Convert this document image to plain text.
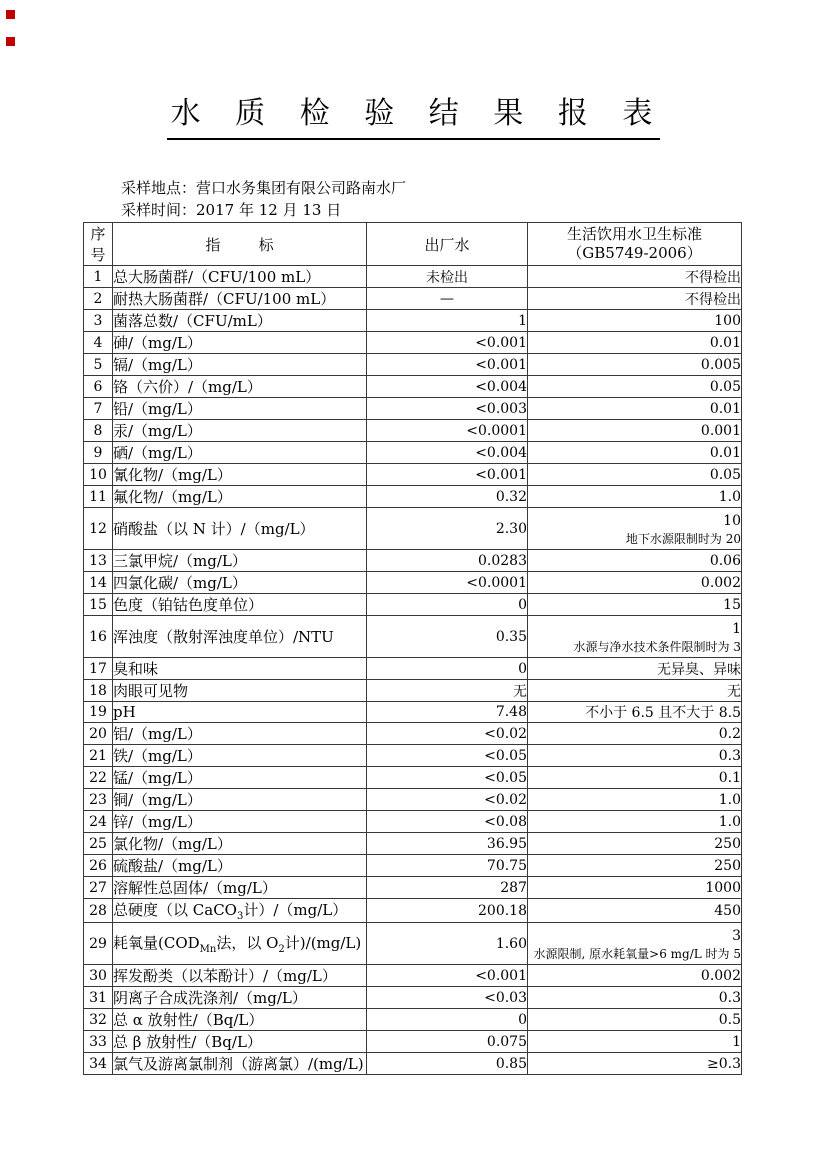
水 质 检 验 结 果 报 表
采样地点：营口水务集团有限公司路南水厂
采样时间：2017 年 12 月 13 日
序号	指        标	出厂水	生活饮用水卫生标准
（GB5749-2006）

1	总大肠菌群/（CFU/100 mL）	未检出	不得检出
2	耐热大肠菌群/（CFU/100 mL）	—	不得检出
3	菌落总数/（CFU/mL）	1	100
4	砷/（mg/L）	<0.001	0.01
5	镉/（mg/L）	<0.001	0.005
6	铬（六价）/（mg/L）	<0.004	0.05
7	铅/（mg/L）	<0.003	0.01
8	汞/（mg/L）	<0.0001	0.001
9	硒/（mg/L）	<0.004	0.01
10	氰化物/（mg/L）	<0.001	0.05
11	氟化物/（mg/L）	0.32	1.0
12	硝酸盐（以 N 计）/（mg/L）	2.30	10
地下水源限制时为 20

13	三氯甲烷/（mg/L）	0.0283	0.06
14	四氯化碳/（mg/L）	<0.0001	0.002
15	色度（铂钴色度单位）	0	15
16	浑浊度（散射浑浊度单位）/NTU	0.35	1
水源与净水技术条件限制时为 3

17	臭和味	0	无异臭、异味
18	肉眼可见物	无	无
19	pH	7.48	不小于 6.5 且不大于 8.5
20	铝/（mg/L）	<0.02	0.2
21	铁/（mg/L）	<0.05	0.3
22	锰/（mg/L）	<0.05	0.1
23	铜/（mg/L）	<0.02	1.0
24	锌/（mg/L）	<0.08	1.0
25	氯化物/（mg/L）	36.95	250
26	硫酸盐/（mg/L）	70.75	250
27	溶解性总固体/（mg/L）	287	1000
28	总硬度（以 CaCO$_3$计）/（mg/L）	200.18	450
29	耗氧量($COD_{Mn}$法，以 $O_2$计)/(mg/L)	1.60	3
水源限制, 原水耗氧量>6 mg/L 时为 5

30	挥发酚类（以苯酚计）/（mg/L）	<0.001	0.002
31	阴离子合成洗涤剂/（mg/L）	<0.03	0.3
32	总 α 放射性/（Bq/L）	0	0.5
33	总 β 放射性/（Bq/L）	0.075	1
34	氯气及游离氯制剂（游离氯）/(mg/L)	0.85	≥0.3
